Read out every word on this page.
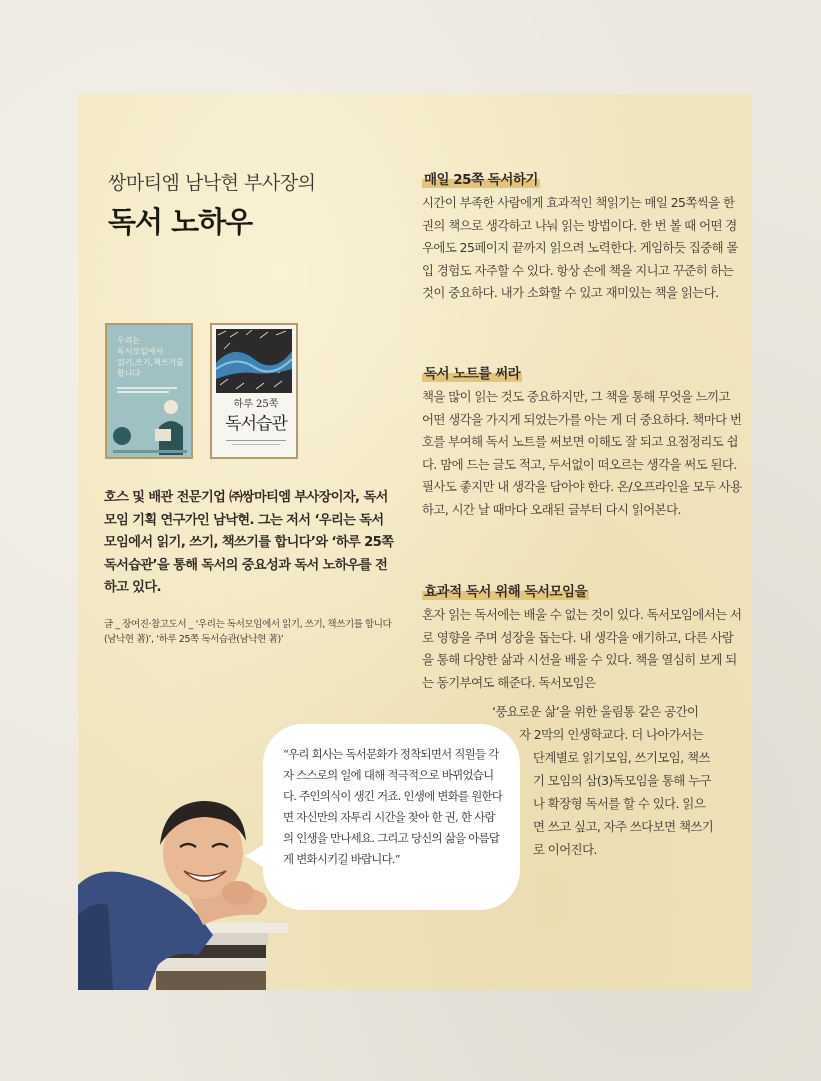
쌍마티엠 남낙현 부사장의
독서 노하우
우리는
독서모임에서
읽기,쓰기,책쓰기를
합니다
하루 25쪽
독서습관
호스 및 배관 전문기업 ㈜쌍마티엠 부사장이자, 독서모임 기획 연구가인 남낙현. 그는 저서 ‘우리는 독서모임에서 읽기, 쓰기, 책쓰기를 합니다’와 ‘하루 25쪽 독서습관’을 통해 독서의 중요성과 독서 노하우를 전하고 있다.
글 _ 장여진·참고도서 _ ‘우리는 독서모임에서 읽기, 쓰기, 책쓰기를 합니다(남낙현 著)’, ‘하루 25쪽 독서습관(남낙현 著)’
매일 25쪽 독서하기

시간이 부족한 사람에게 효과적인 책읽기는 매일 25쪽씩을 한 권의 책으로 생각하고 나눠 읽는 방법이다. 한 번 볼 때 어떤 경우에도 25페이지 끝까지 읽으려 노력한다. 게임하듯 집중해 몰입 경험도 자주할 수 있다. 항상 손에 책을 지니고 꾸준히 하는 것이 중요하다. 내가 소화할 수 있고 재미있는 책을 읽는다.

독서 노트를 써라

책을 많이 읽는 것도 중요하지만, 그 책을 통해 무엇을 느끼고 어떤 생각을 가지게 되었는가를 아는 게 더 중요하다. 책마다 번호를 부여해 독서 노트를 써보면 이해도 잘 되고 요점정리도 쉽다. 맘에 드는 글도 적고, 두서없이 떠오르는 생각을 써도 된다. 필사도 좋지만 내 생각을 담아야 한다. 온/오프라인을 모두 사용하고, 시간 날 때마다 오래된 글부터 다시 읽어본다.

효과적 독서 위해 독서모임을

혼자 읽는 독서에는 배울 수 없는 것이 있다. 독서모임에서는 서로 영향을 주며 성장을 돕는다. 내 생각을 얘기하고, 다른 사람을 통해 다양한 삶과 시선을 배울 수 있다. 책을 열심히 보게 되는 동기부여도 해준다. 독서모임은

‘풍요로운 삶’을 위한 울림통 같은 공간이
자 2막의 인생학교다. 더 나아가서는
단계별로 읽기모임, 쓰기모임, 책쓰
기 모임의 삼(3)독모임을 통해 누구
나 확장형 독서를 할 수 있다. 읽으
면 쓰고 싶고, 자주 쓰다보면 책쓰기
로 이어진다.
“우리 회사는 독서문화가 정착되면서 직원들 각자 스스로의 일에 대해 적극적으로 바뀌었습니다. 주인의식이 생긴 거죠. 인생에 변화를 원한다면 자신만의 자투리 시간을 찾아 한 권, 한 사람의 인생을 만나세요. 그리고 당신의 삶을 아름답게 변화시키길 바랍니다.”
